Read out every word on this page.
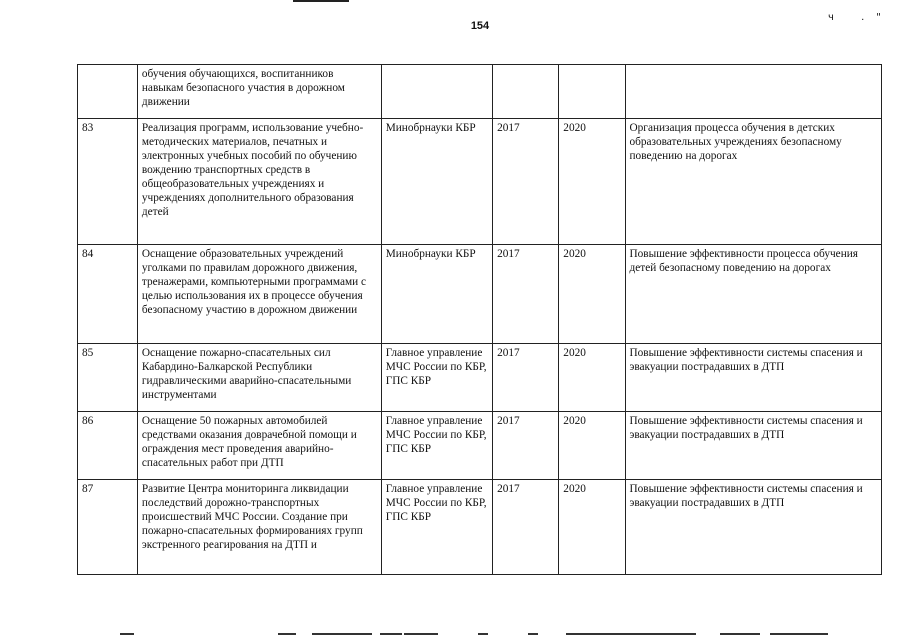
154
ч ."
	обучения обучающихся, воспитанников навыкам безопасного участия в дорожном движении				
83	Реализация программ, использование учебно-методических материалов, печатных и электронных учебных пособий по обучению вождению транспортных средств в общеобразовательных учреждениях и учреждениях дополнительного образования детей	Минобрнауки КБР	2017	2020	Организация процесса обучения в детских образовательных учреждениях безопасному поведению на дорогах
84	Оснащение образовательных учреждений уголками по правилам дорожного движения, тренажерами, компьютерными программами с целью использования их в процессе обучения безопасному участию в дорожном движении	Минобрнауки КБР	2017	2020	Повышение эффективности процесса обучения детей безопасному поведению на дорогах
85	Оснащение пожарно-спасательных сил Кабардино-Балкарской Республики гидравлическими аварийно-спасательными инструментами	Главное управление МЧС России по КБР, ГПС КБР	2017	2020	Повышение эффективности системы спасения и эвакуации пострадавших в ДТП
86	Оснащение 50 пожарных автомобилей средствами оказания доврачебной помощи и ограждения мест проведения аварийно-спасательных работ при ДТП	Главное управление МЧС России по КБР, ГПС КБР	2017	2020	Повышение эффективности системы спасения и эвакуации пострадавших в ДТП
87	Развитие Центра мониторинга ликвидации последствий дорожно-транспортных происшествий МЧС России. Создание при пожарно-спасательных формированиях групп экстренного реагирования на ДТП и	Главное управление МЧС России по КБР, ГПС КБР	2017	2020	Повышение эффективности системы спасения и эвакуации пострадавших в ДТП
